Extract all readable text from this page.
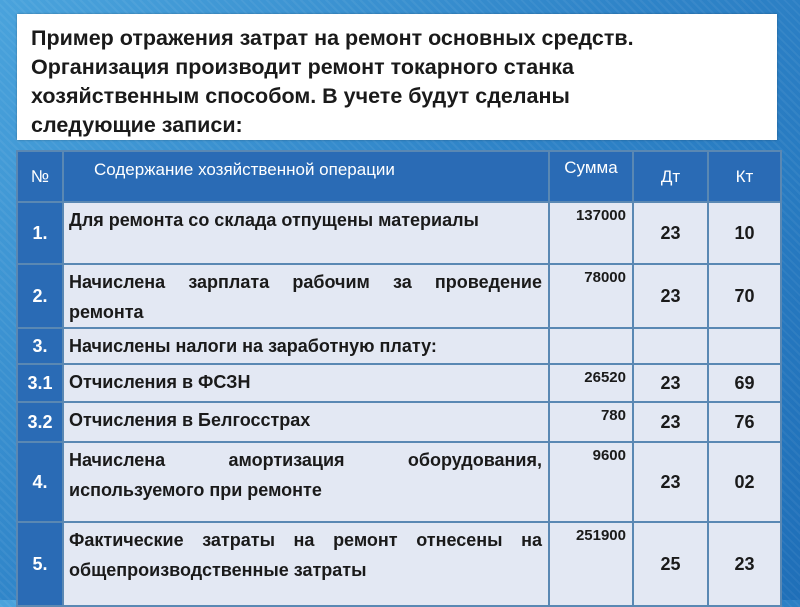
Пример отражения затрат на ремонт основных средств.

Организация производит ремонт токарного станка

хозяйственным способом. В учете будут сделаны

следующие записи:

№	Содержание хозяйственной операции	Сумма	Дт	Кт
1.	Для ремонта со склада отпущены материалы	137000	23	10
2.	Начислена зарплата рабочим за проведение ремонта	78000	23	70
3.	Начислены налоги на заработную плату:			
3.1	Отчисления в ФСЗН	26520	23	69
3.2	Отчисления в Белгосстрах	780	23	76
4.	Начислена амортизация оборудования, используемого при ремонте	9600	23	02
5.	Фактические затраты на ремонт отнесены на общепроизводственные затраты	251900	25	23
